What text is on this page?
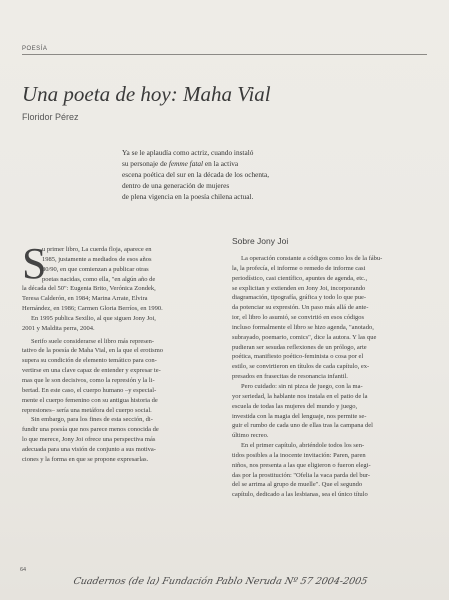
POESÍA
Una poeta de hoy: Maha Vial
Floridor Pérez

Ya se le aplaudía como actriz, cuando instaló

su personaje de femme fatal en la activa

escena poética del sur en la década de los ochenta,

dentro de una generación de mujeres

de plena vigencia en la poesía chilena actual.

S

u primer libro, La cuerda floja, aparece en

1985, justamente a mediados de esos años

80/90, en que comienzan a publicar otras

poetas nacidas, como ella, "en algún año de

la década del 50": Eugenia Brito, Verónica Zondek,

Teresa Calderón, en 1984; Marina Arrate, Elvira

Hernández, en 1986; Carmen Gloria Berríos, en 1990.

En 1995 publica Sexilio, al que siguen Jony Joi,

2001 y Maldita perra, 2004.

Serifo suele considerarse el libro más represen-

tativo de la poesía de Maha Vial, en la que el erotismo

supera su condición de elemento temático para con-

vertirse en una clave capaz de entender y expresar te-

mas que le son decisivos, como la represión y la li-

bertad. En este caso, el cuerpo humano –y especial-

mente el cuerpo femenino con su antigua historia de

represiones– sería una metáfora del cuerpo social.

Sin embargo, para los fines de esta sección, di-

fundir una poesía que nos parece menos conocida de

lo que merece, Jony Joi ofrece una perspectiva más

adecuada para una visión de conjunto a sus motiva-

ciones y la forma en que se propone expresarlas.

Sobre Jony Joi

La operación constante a códigos como los de la fábu-

la, la profecía, el informe o remedo de informe casi

periodístico, casi científico, apuntes de agenda, etc.,

se explicitan y extienden en Jony Joi, incorporando

diagramación, tipografía, gráfica y todo lo que pue-

da potenciar su expresión. Un paso más allá de ante-

ior, el libro lo asumió, se convirtió en esos códigos

incluso formalmente el libro se hizo agenda, "anotado,

subrayado, poemario, comics", dice la autora. Y las que

pudieran ser sesudas reflexiones de un prólogo, arte

poética, manifiesto poético-feminista o cosa por el

estilo, se convirtieron en títulos de cada capítulo, ex-

presados en frasecitas de resonancia infantil.

Pero cuidado: sin ni pizca de juego, con la ma-

yor seriedad, la hablante nos instala en el patio de la

escuela de todas las mujeres del mundo y juego,

investida con la magia del lenguaje, nos permite se-

guir el rumbo de cada uno de ellas tras la campana del

último recreo.

En el primer capítulo, abriéndole todos los sen-

tidos posibles a la inocente invitación: Paren, paren

niños, nos presenta a las que eligieron o fueron elegi-

das por la prostitución: "Ofelia la vaca parda del bur-

del se arrima al grupo de muelle". Que el segundo

capítulo, dedicado a las lesbianas, sea el único título

64
Cuadernos (de la) Fundación Pablo Neruda Nº 57 2004-2005
